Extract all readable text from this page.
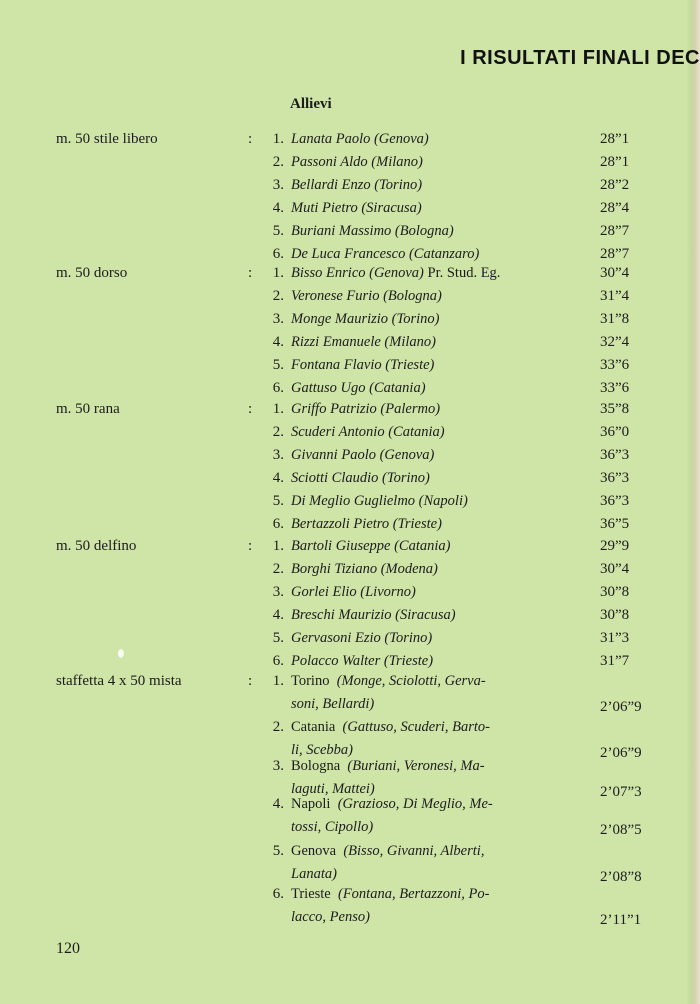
I RISULTATI FINALI DEC
Allievi
m. 50 stile libero	:	1. Lanata Paolo (Genova)	28”1
2. Passoni Aldo (Milano)	28”1
3. Bellardi Enzo (Torino)	28”2
4. Muti Pietro (Siracusa)	28”4
5. Buriani Massimo (Bologna)	28”7
6. De Luca Francesco (Catanzaro)	28”7
m. 50 dorso	:	1. Bisso Enrico (Genova) Pr. Stud. Eg.	30”4
2. Veronese Furio (Bologna)	31”4
3. Monge Maurizio (Torino)	31”8
4. Rizzi Emanuele (Milano)	32”4
5. Fontana Flavio (Trieste)	33”6
6. Gattuso Ugo (Catania)	33”6
m. 50 rana	:	1. Griffo Patrizio (Palermo)	35”8
2. Scuderi Antonio (Catania)	36”0
3. Givanni Paolo (Genova)	36”3
4. Sciotti Claudio (Torino)	36”3
5. Di Meglio Guglielmo (Napoli)	36”3
6. Bertazzoli Pietro (Trieste)	36”5
m. 50 delfino	:	1. Bartoli Giuseppe (Catania)	29”9
2. Borghi Tiziano (Modena)	30”4
3. Gorlei Elio (Livorno)	30”8
4. Breschi Maurizio (Siracusa)	30”8
5. Gervasoni Ezio (Torino)	31”3
6. Polacco Walter (Trieste)	31”7
staffetta 4 x 50 mista	:	1. Torino (Monge, Sciolotti, Gerva-
soni, Bellardi)	2’06”9
2. Catania (Gattuso, Scuderi, Barto-
li, Scebba)	2’06”9
3. Bologna (Buriani, Veronesi, Ma-
laguti, Mattei)	2’07”3
4. Napoli (Grazioso, Di Meglio, Me-
tossi, Cipollo)	2’08”5
5. Genova (Bisso, Givanni, Alberti,
Lanata)	2’08”8
6. Trieste (Fontana, Bertazzoni, Po-
lacco, Penso)	2’11”1
120
